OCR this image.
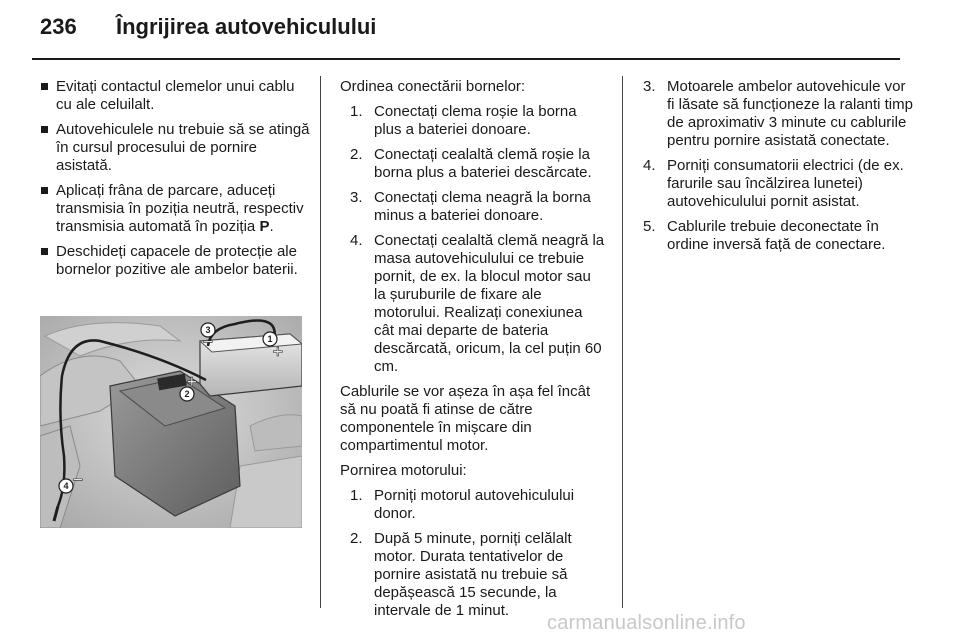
236 Îngrijirea autovehiculului
Evitați contactul clemelor unui cablu cu ale celuilalt.
Autovehiculele nu trebuie să se atingă în cursul procesului de pornire asistată.
Aplicați frâna de parcare, aduceți transmisia în poziția neutră, respectiv transmisia automată în poziția P.
Deschideți capacele de protecție ale bornelor pozitive ale ambelor baterii.
1
2
3
4
+
+
−
−

Ordinea conectării bornelor:

1. Conectați clema roșie la borna plus a bateriei donoare.
2. Conectați cealaltă clemă roșie la borna plus a bateriei descărcate.
3. Conectați clema neagră la borna minus a bateriei donoare.
4. Conectați cealaltă clemă neagră la masa autovehiculului ce trebuie pornit, de ex. la blocul motor sau la șuruburile de fixare ale motorului. Realizați conexiunea cât mai departe de bateria descărcată, oricum, la cel puțin 60 cm.

Cablurile se vor așeza în așa fel încât să nu poată fi atinse de către componentele în mișcare din compartimentul motor.

Pornirea motorului:

1. Porniți motorul autovehiculului donor.
2. După 5 minute, porniți celălalt motor. Durata tentativelor de pornire asistată nu trebuie să depășească 15 secunde, la intervale de 1 minut.
3. Motoarele ambelor autovehicule vor fi lăsate să funcționeze la ralanti timp de aproximativ 3 minute cu cablurile pentru pornire asistată conectate.
4. Porniți consumatorii electrici (de ex. farurile sau încălzirea lunetei) autovehiculului pornit asistat.
5. Cablurile trebuie deconectate în ordine inversă față de conectare.
carmanualsonline.info
